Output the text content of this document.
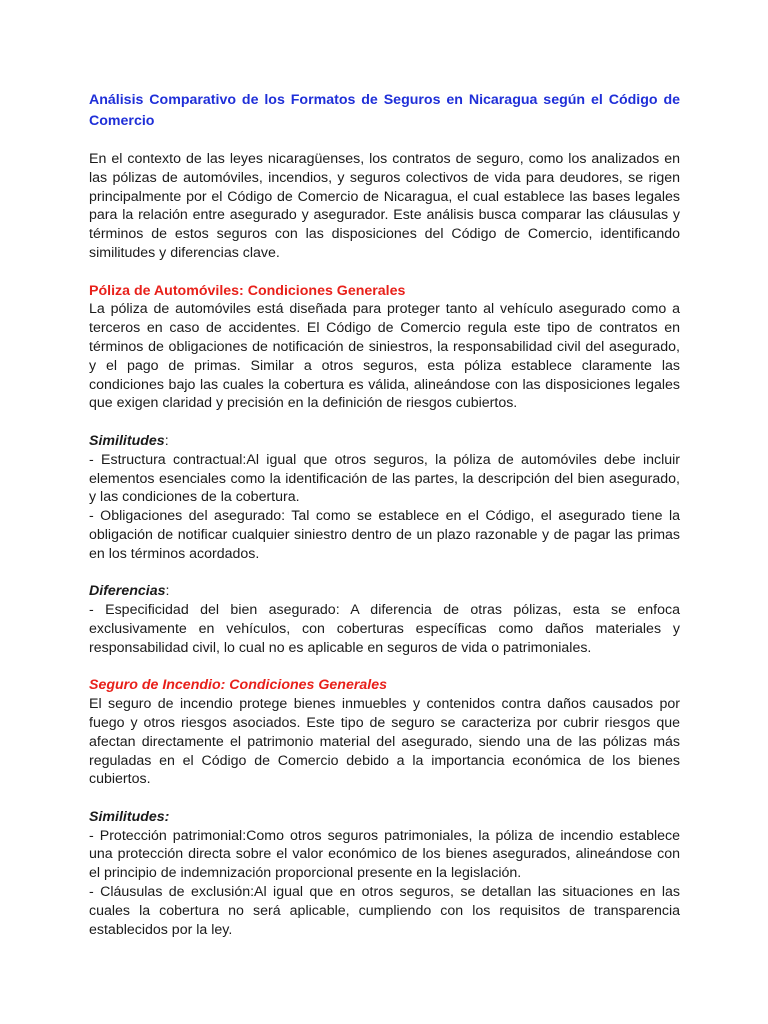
Análisis Comparativo de los Formatos de Seguros en Nicaragua según el Código de Comercio

En el contexto de las leyes nicaragüenses, los contratos de seguro, como los analizados en las pólizas de automóviles, incendios, y seguros colectivos de vida para deudores, se rigen principalmente por el Código de Comercio de Nicaragua, el cual establece las bases legales para la relación entre asegurado y asegurador. Este análisis busca comparar las cláusulas y términos de estos seguros con las disposiciones del Código de Comercio, identificando similitudes y diferencias clave.

Póliza de Automóviles: Condiciones Generales

La póliza de automóviles está diseñada para proteger tanto al vehículo asegurado como a terceros en caso de accidentes. El Código de Comercio regula este tipo de contratos en términos de obligaciones de notificación de siniestros, la responsabilidad civil del asegurado, y el pago de primas. Similar a otros seguros, esta póliza establece claramente las condiciones bajo las cuales la cobertura es válida, alineándose con las disposiciones legales que exigen claridad y precisión en la definición de riesgos cubiertos.

Similitudes:

- Estructura contractual:Al igual que otros seguros, la póliza de automóviles debe incluir elementos esenciales como la identificación de las partes, la descripción del bien asegurado, y las condiciones de la cobertura.

- Obligaciones del asegurado: Tal como se establece en el Código, el asegurado tiene la obligación de notificar cualquier siniestro dentro de un plazo razonable y de pagar las primas en los términos acordados.

Diferencias:

- Especificidad del bien asegurado: A diferencia de otras pólizas, esta se enfoca exclusivamente en vehículos, con coberturas específicas como daños materiales y responsabilidad civil, lo cual no es aplicable en seguros de vida o patrimoniales.

Seguro de Incendio: Condiciones Generales

El seguro de incendio protege bienes inmuebles y contenidos contra daños causados por fuego y otros riesgos asociados. Este tipo de seguro se caracteriza por cubrir riesgos que afectan directamente el patrimonio material del asegurado, siendo una de las pólizas más reguladas en el Código de Comercio debido a la importancia económica de los bienes cubiertos.

Similitudes:

- Protección patrimonial:Como otros seguros patrimoniales, la póliza de incendio establece una protección directa sobre el valor económico de los bienes asegurados, alineándose con el principio de indemnización proporcional presente en la legislación.

- Cláusulas de exclusión:Al igual que en otros seguros, se detallan las situaciones en las cuales la cobertura no será aplicable, cumpliendo con los requisitos de transparencia establecidos por la ley.
